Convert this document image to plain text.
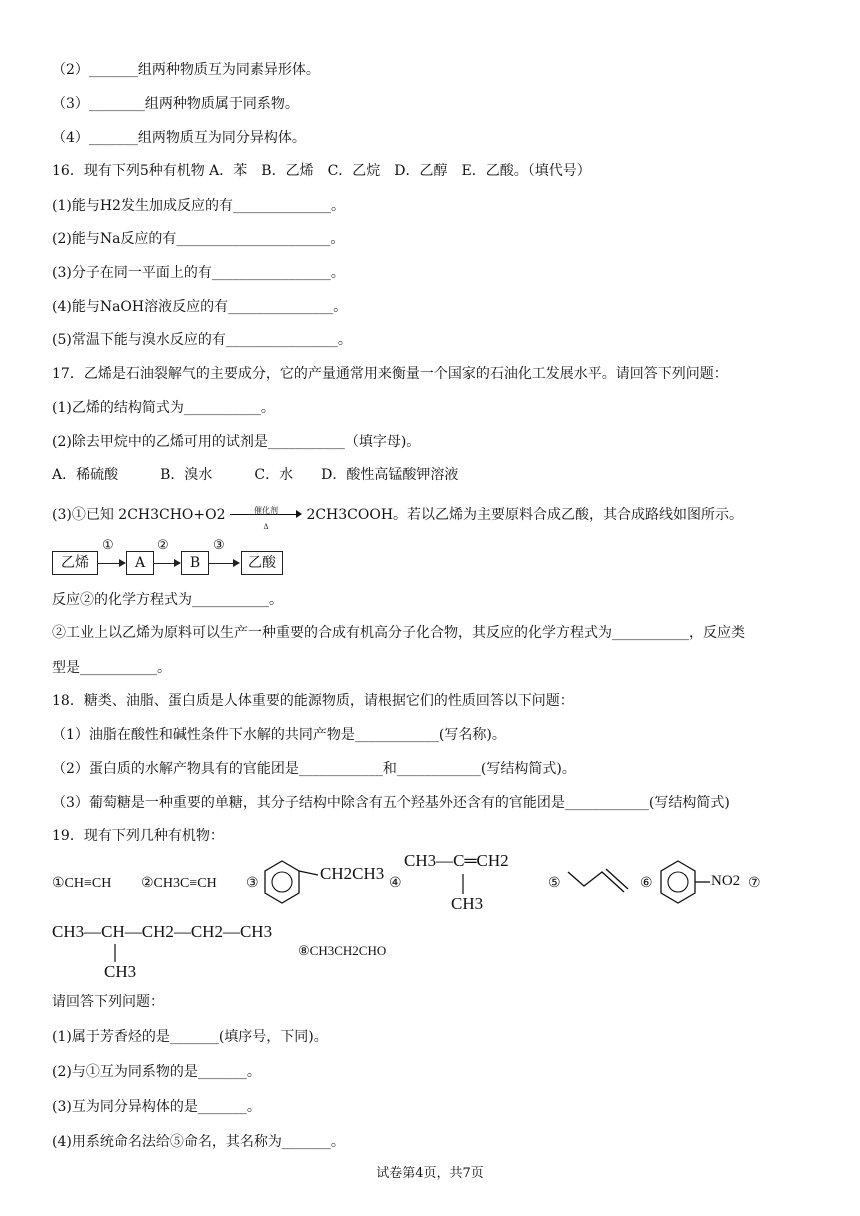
（2）_______组两种物质互为同素异形体。
（3）________组两种物质属于同系物。
（4）_______组两物质互为同分异构体。
16．现有下列5种有机物 A．苯　B．乙烯　C．乙烷　D．乙醇　E．乙酸。（填代号）
(1)能与H2发生加成反应的有______________。
(2)能与Na反应的有______________________。
(3)分子在同一平面上的有_________________。
(4)能与NaOH溶液反应的有_______________。
(5)常温下能与溴水反应的有________________。
17．乙烯是石油裂解气的主要成分，它的产量通常用来衡量一个国家的石油化工发展水平。请回答下列问题：
(1)乙烯的结构简式为___________。
(2)除去甲烷中的乙烯可用的试剂是___________（填字母)。
A．稀硫酸　　　B．溴水　　　C．水　　D．酸性高锰酸钾溶液
(3)①已知 2CH3CHO+O2	催化剂
Δ
2CH3COOH。若以乙烯为主要原料合成乙酸，其合成路线如图所示。
乙烯
①
A
②
B
③
乙酸
反应②的化学方程式为___________。
②工业上以乙烯为原料可以生产一种重要的合成有机高分子化合物，其反应的化学方程式为___________，反应类
型是___________。
18．糖类、油脂、蛋白质是人体重要的能源物质，请根据它们的性质回答以下问题：
（1）油脂在酸性和碱性条件下水解的共同产物是____________(写名称)。
（2）蛋白质的水解产物具有的官能团是____________和____________(写结构简式)。
（3）葡萄糖是一种重要的单糖，其分子结构中除含有五个羟基外还含有的官能团是____________(写结构简式)
19．现有下列几种有机物：
①CH≡CH ②CH3C≡CH ③
CH2CH3
④
CH3—C═CH2
CH3
⑤	⑥	NO2 ⑦
CH3—CH—CH2—CH2—CH3
CH3
⑧CH3CH2CHO
请回答下列问题：
(1)属于芳香烃的是_______(填序号，下同)。
(2)与①互为同系物的是_______。
(3)互为同分异构体的是_______。
(4)用系统命名法给⑤命名，其名称为_______。
试卷第4页，共7页
